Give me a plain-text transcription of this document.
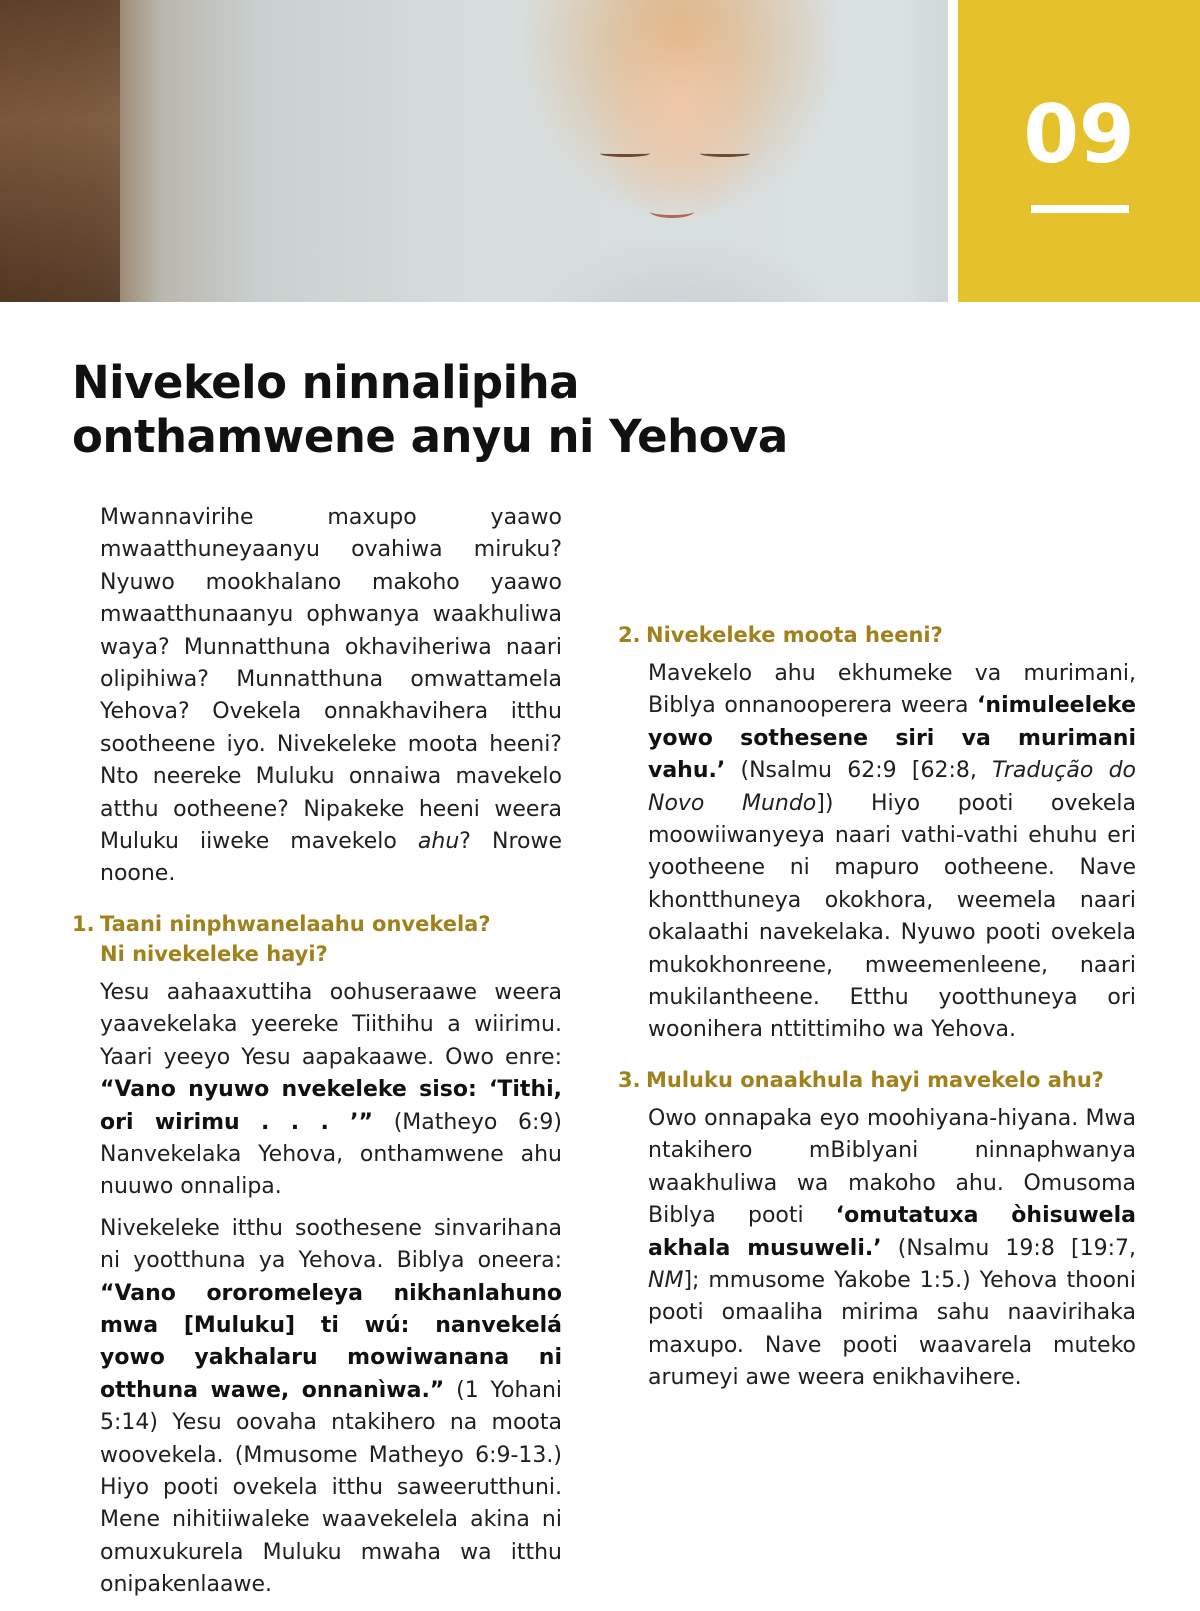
09
Nivekelo ninnalipiha
onthamwene anyu ni Yehova

Mwannavirihe maxupo yaawo mwaatthuneyaanyu ovahiwa miruku? Nyuwo mookhalano makoho yaawo mwaatthunaanyu ophwanya waakhuliwa waya? Munnatthuna okhaviheriwa naari olipihiwa? Munnatthuna omwattamela Yehova? Ovekela onnakhavihera itthu sootheene iyo. Nivekeleke moota heeni? Nto neereke Muluku onnaiwa mavekelo atthu ootheene? Nipakeke heeni weera Muluku iiweke mavekelo ahu? Nrowe noone.

1. Taani ninphwanelaahu onvekela?
Ni nivekeleke hayi?

Yesu aahaaxuttiha oohuseraawe weera yaavekelaka yeereke Tiithihu a wiirimu. Yaari yeeyo Yesu aapakaawe. Owo enre: “Vano nyuwo nvekeleke siso: ‘Tithi, ori wirimu . . . ’” (Matheyo 6:9) Nanvekelaka Yehova, onthamwene ahu nuuwo onnalipa.

Nivekeleke itthu soothesene sinvarihana ni yootthuna ya Yehova. Biblya oneera: “Vano ororomeleya nikhanlahuno mwa [Muluku] ti wú: nanvekelá yowo yakhalaru mowiwanana ni otthuna wawe, onnanìwa.” (1 Yohani 5:14) Yesu oovaha ntakihero na moota woovekela. (Mmusome Matheyo 6:9-13.) Hiyo pooti ovekela itthu saweerutthuni. Mene nihitiiwaleke waavekelela akina ni omuxukurela Muluku mwaha wa itthu onipakenlaawe.

2. Nivekeleke moota heeni?

Mavekelo ahu ekhumeke va murimani, Biblya onnanooperera weera ‘nimuleeleke yowo sothesene siri va murimani vahu.’ (Nsalmu 62:9 [62:8, Tradução do Novo Mundo]) Hiyo pooti ovekela moowiiwanyeya naari vathi-vathi ehuhu eri yootheene ni mapuro ootheene. Nave khontthuneya okokhora, weemela naari okalaathi navekelaka. Nyuwo pooti ovekela mukokhonreene, mweemenleene, naari mukilantheene. Etthu yootthuneya ori woonihera nttittimiho wa Yehova.

3. Muluku onaakhula hayi mavekelo ahu?

Owo onnapaka eyo moohiyana-hiyana. Mwa ntakihero mBiblyani ninnaphwanya waakhuliwa wa makoho ahu. Omusoma Biblya pooti ‘omutatuxa òhisuwela akhala musuweli.’ (Nsalmu 19:8 [19:7, NM]; mmusome Yakobe 1:5.) Yehova thooni pooti omaaliha mirima sahu naavirihaka maxupo. Nave pooti waavarela muteko arumeyi awe weera enikhavihere.
